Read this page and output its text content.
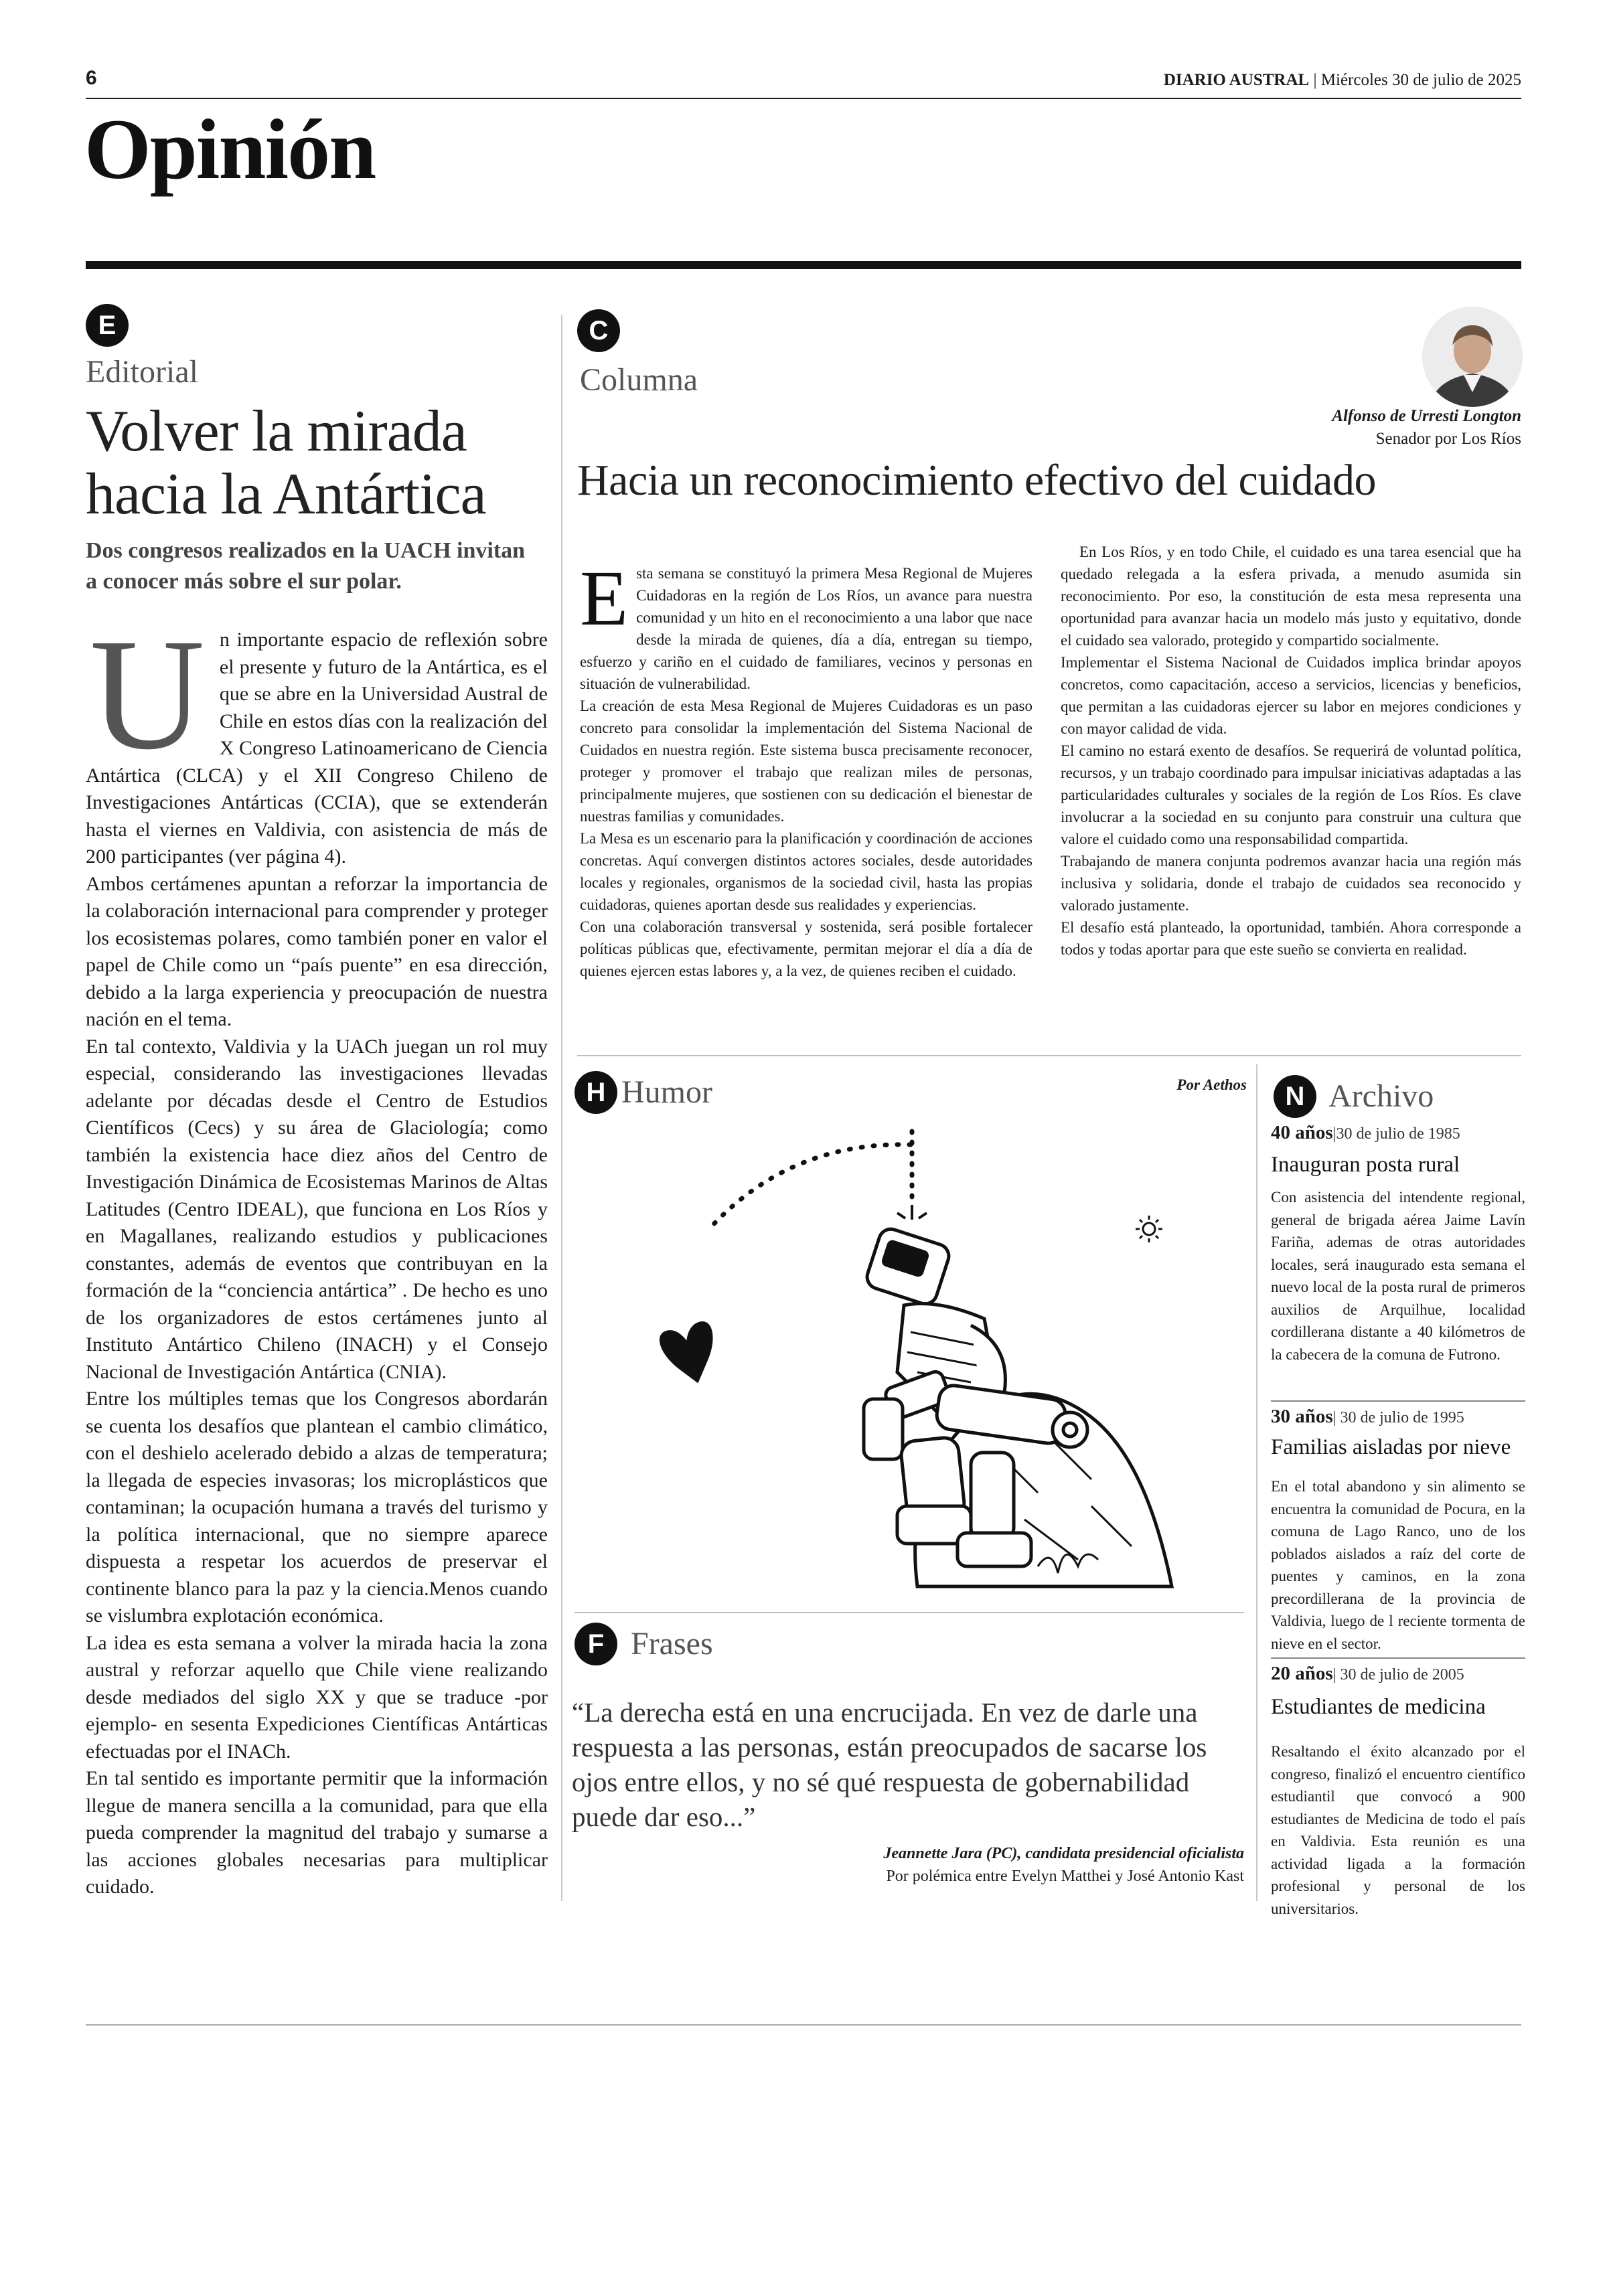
6	DIARIO AUSTRAL | Miércoles 30 de julio de 2025
Opinión
E
Editorial
Volver la mirada
hacia la Antártica
Dos congresos realizados en la UACH invitan a conocer más sobre el sur polar.
U n importante espacio de reflexión sobre el presente y futuro de la Antártica, es el que se abre en la Universidad Austral de Chile en estos días con la realización del X Congreso Latinoamericano de Ciencia Antártica (CLCA) y el XII Congreso Chileno de Investigaciones Antárticas (CCIA), que se extenderán hasta el viernes en Valdivia, con asistencia de más de 200 participantes (ver página 4).

Ambos certámenes apuntan a reforzar la importancia de la colaboración internacional para comprender y proteger los ecosistemas polares, como también poner en valor el papel de Chile como un “país puente” en esa dirección, debido a la larga experiencia y preocupación de nuestra nación en el tema.

En tal contexto, Valdivia y la UACh juegan un rol muy especial, considerando las investigaciones llevadas adelante por décadas desde el Centro de Estudios Científicos (Cecs) y su área de Glaciología; como también la existencia hace diez años del Centro de Investigación Dinámica de Ecosistemas Marinos de Altas Latitudes (Centro IDEAL), que funciona en Los Ríos y en Magallanes, realizando estudios y publicaciones constantes, además de eventos que contribuyan en la formación de la “conciencia antártica” . De hecho es uno de los organizadores de estos certámenes junto al Instituto Antártico Chileno (INACH) y el Consejo Nacional de Investigación Antártica (CNIA).

Entre los múltiples temas que los Congresos abordarán se cuenta los desafíos que plantean el cambio climático, con el deshielo acelerado debido a alzas de temperatura; la llegada de especies invasoras; los microplásticos que contaminan; la ocupación humana a través del turismo y la política internacional, que no siempre aparece dispuesta a respetar los acuerdos de preservar el continente blanco para la paz y la ciencia.Menos cuando se vislumbra explotación económica.

La idea es esta semana a volver la mirada hacia la zona austral y reforzar aquello que Chile viene realizando desde mediados del siglo XX y que se traduce -por ejemplo- en sesenta Expediciones Científicas Antárticas efectuadas por el INACh.

En tal sentido es importante permitir que la información llegue de manera sencilla a la comunidad, para que ella pueda comprender la magnitud del trabajo y sumarse a las acciones globales necesarias para multiplicar cuidado.

C
Columna
Alfonso de Urresti Longton
Senador por Los Ríos
Hacia un reconocimiento efectivo del cuidado

Esta semana se constituyó la primera Mesa Regional de Mujeres Cuidadoras en la región de Los Ríos, un avance para nuestra comunidad y un hito en el reconocimiento a una labor que nace desde la mirada de quienes, día a día, entregan su tiempo, esfuerzo y cariño en el cuidado de familiares, vecinos y personas en situación de vulnerabilidad.

La creación de esta Mesa Regional de Mujeres Cuidadoras es un paso concreto para consolidar la implementación del Sistema Nacional de Cuidados en nuestra región. Este sistema busca precisamente reconocer, proteger y promover el trabajo que realizan miles de personas, principalmente mujeres, que sostienen con su dedicación el bienestar de nuestras familias y comunidades.

La Mesa es un escenario para la planificación y coordinación de acciones concretas. Aquí convergen distintos actores sociales, desde autoridades locales y regionales, organismos de la sociedad civil, hasta las propias cuidadoras, quienes aportan desde sus realidades y experiencias.

Con una colaboración transversal y sostenida, será posible fortalecer políticas públicas que, efectivamente, permitan mejorar el día a día de quienes ejercen estas labores y, a la vez, de quienes reciben el cuidado.

En Los Ríos, y en todo Chile, el cuidado es una tarea esencial que ha quedado relegada a la esfera privada, a menudo asumida sin reconocimiento. Por eso, la constitución de esta mesa representa una oportunidad para avanzar hacia un modelo más justo y equitativo, donde el cuidado sea valorado, protegido y compartido socialmente.

Implementar el Sistema Nacional de Cuidados implica brindar apoyos concretos, como capacitación, acceso a servicios, licencias y beneficios, que permitan a las cuidadoras ejercer su labor en mejores condiciones y con mayor calidad de vida.

El camino no estará exento de desafíos. Se requerirá de voluntad política, recursos, y un trabajo coordinado para impulsar iniciativas adaptadas a las particularidades culturales y sociales de la región de Los Ríos. Es clave involucrar a la sociedad en su conjunto para construir una cultura que valore el cuidado como una responsabilidad compartida.

Trabajando de manera conjunta podremos avanzar hacia una región más inclusiva y solidaria, donde el trabajo de cuidados sea reconocido y valorado justamente.

El desafío está planteado, la oportunidad, también. Ahora corresponde a todos y todas aportar para que este sueño se convierta en realidad.

H Humor	Por Aethos
F Frases
“La derecha está en una encrucijada. En vez de darle una respuesta a las personas, están preocupados de sacarse los ojos entre ellos, y no sé qué respuesta de gobernabilidad puede dar eso...”
Jeannette Jara (PC), candidata presidencial oficialista
Por polémica entre Evelyn Matthei y José Antonio Kast
N Archivo
40 años|30 de julio de 1985
Inauguran posta rural
Con asistencia del intendente regional, general de brigada aérea Jaime Lavín Fariña, ademas de otras autoridades locales, será inaugurado esta semana el nuevo local de la posta rural de primeros auxilios de Arquilhue, localidad cordillerana distante a 40 kilómetros de la cabecera de la comuna de Futrono.
30 años| 30 de julio de 1995
Familias aisladas por nieve
En el total abandono y sin alimento se encuentra la comunidad de Pocura, en la comuna de Lago Ranco, uno de los poblados aislados a raíz del corte de puentes y caminos, en la zona precordillerana de la provincia de Valdivia, luego de l reciente tormenta de nieve en el sector.
20 años| 30 de julio de 2005
Estudiantes de medicina
Resaltando el éxito alcanzado por el congreso, finalizó el encuentro científico estudiantil que convocó a 900 estudiantes de Medicina de todo el país en Valdivia. Esta reunión es una actividad ligada a la formación profesional y personal de los universitarios.
